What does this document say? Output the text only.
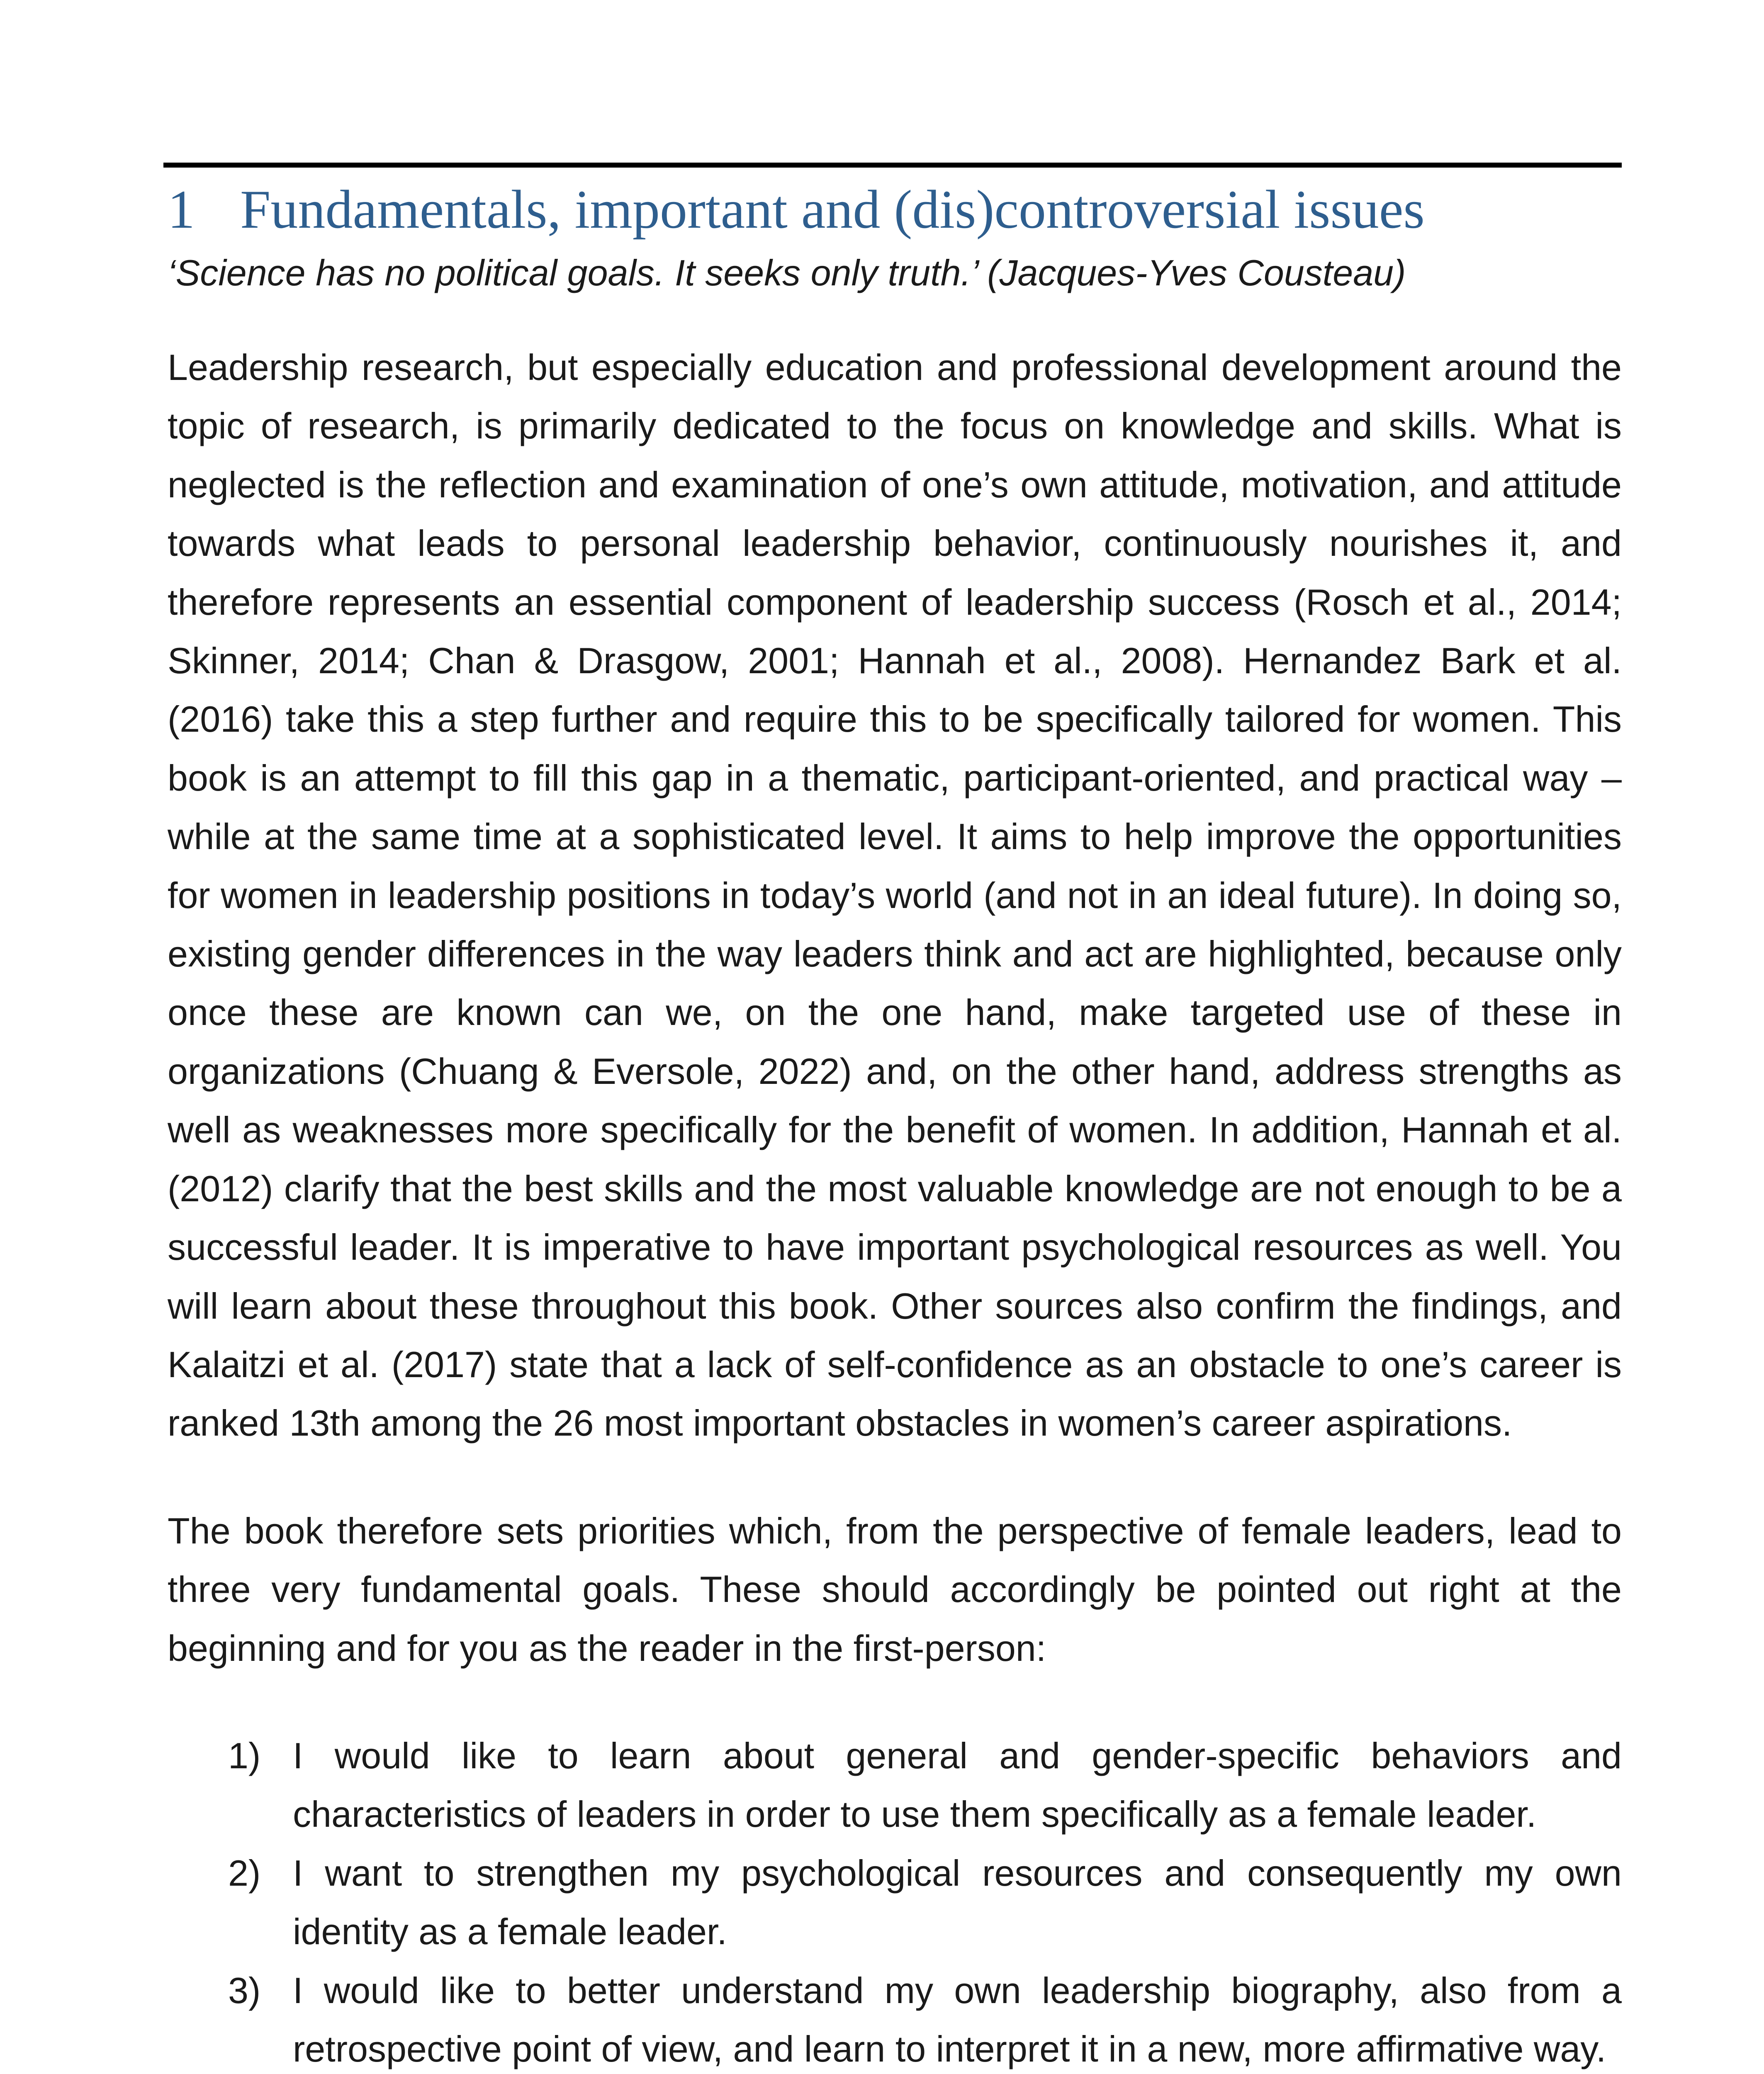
1 Fundamentals, important and (dis)controversial issues
‘Science has no political goals. It seeks only truth.’ (Jacques-Yves Cousteau)

Leadership research, but especially education and professional development around the topic of research, is primarily dedicated to the focus on knowledge and skills. What is neglected is the reflection and examination of one’s own attitude, motivation, and attitude towards what leads to personal leadership behavior, continuously nourishes it, and therefore represents an essential component of leadership success (Rosch et al., 2014; Skinner, 2014; Chan & Drasgow, 2001; Hannah et al., 2008). Hernandez Bark et al. (2016) take this a step further and require this to be specifically tailored for women. This book is an attempt to fill this gap in a thematic, participant-oriented, and practical way – while at the same time at a sophisticated level. It aims to help improve the opportunities for women in leadership positions in today’s world (and not in an ideal future). In doing so, existing gender differences in the way leaders think and act are highlighted, because only once these are known can we, on the one hand, make targeted use of these in organizations (Chuang & Eversole, 2022) and, on the other hand, address strengths as well as weaknesses more specifically for the benefit of women. In addition, Hannah et al. (2012) clarify that the best skills and the most valuable knowledge are not enough to be a successful leader. It is imperative to have important psychological resources as well. You will learn about these throughout this book. Other sources also confirm the findings, and Kalaitzi et al. (2017) state that a lack of self-confidence as an obstacle to one’s career is ranked 13th among the 26 most important obstacles in women’s career aspirations.

The book therefore sets priorities which, from the perspective of female leaders, lead to three very fundamental goals. These should accordingly be pointed out right at the beginning and for you as the reader in the first-person:

1) I would like to learn about general and gender-specific behaviors and characteristics of leaders in order to use them specifically as a female leader.
2) I want to strengthen my psychological resources and consequently my own identity as a female leader.
3) I would like to better understand my own leadership biography, also from a retrospective point of view, and learn to interpret it in a new, more affirmative way.
